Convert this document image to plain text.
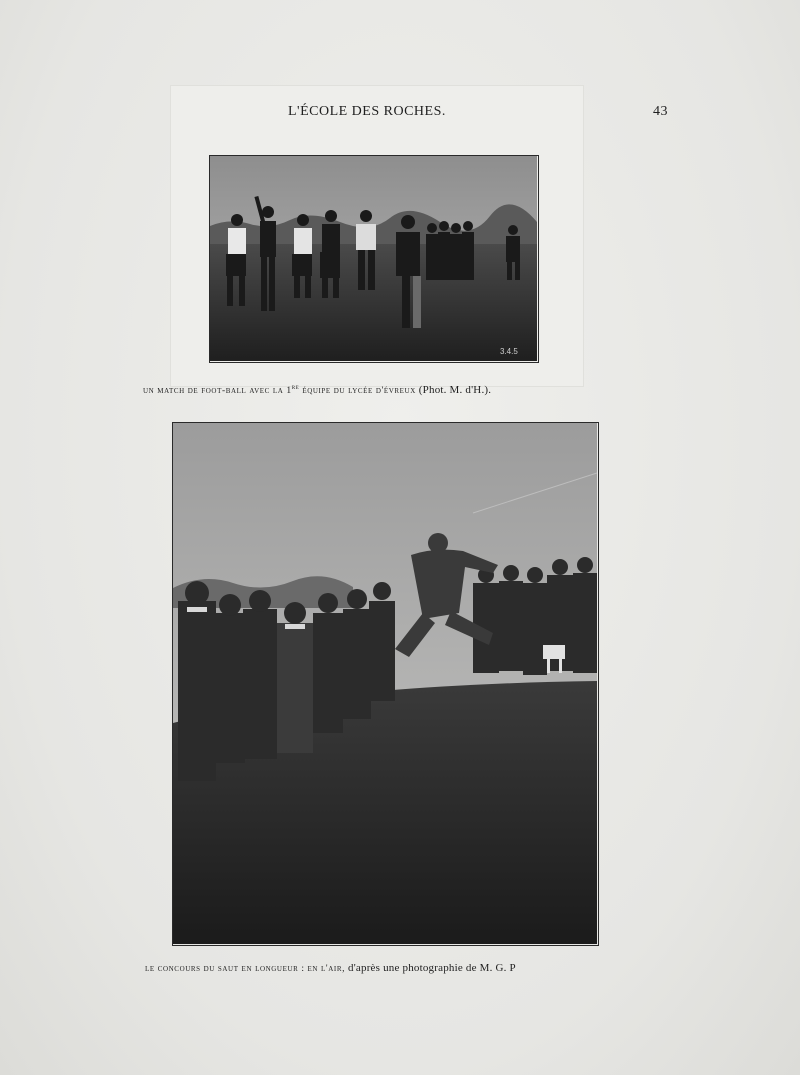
L'ÉCOLE DES ROCHES.	43
3.4.5
un match de foot-ball avec la 1re équipe du lycée d'évreux (Phot. M. d'H.).
le concours du saut en longueur : en l'air, d'après une photographie de M. G. P
